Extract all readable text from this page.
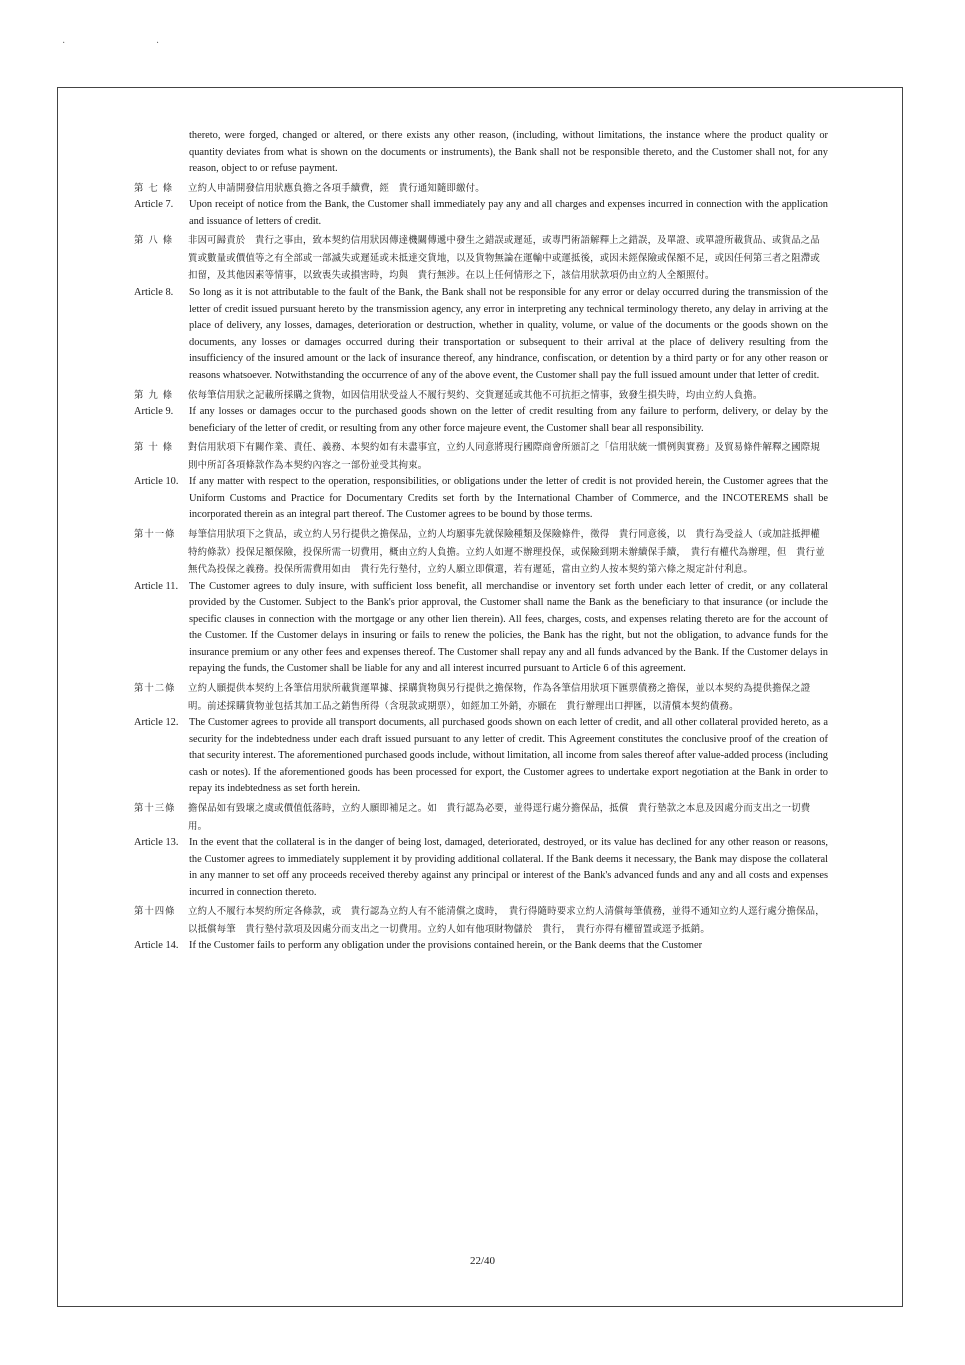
· ·
thereto, were forged, changed or altered, or there exists any other reason, (including, without limitations, the instance where the product quality or quantity deviates from what is shown on the documents or instruments), the Bank shall not be responsible thereto, and the Customer shall not, for any reason, object to or refuse payment.
第 七 條 立約人申請開發信用狀應負擔之各項手續費，經　貴行通知隨即繳付。
Article 7. Upon receipt of notice from the Bank, the Customer shall immediately pay any and all charges and expenses incurred in connection with the application and issuance of letters of credit.
第 八 條 非因可歸責於　貴行之事由，致本契約信用狀因傳達機關傳遞中發生之錯誤或遲延，或專門術語解釋上之錯誤，及單證、或單證所載貨品、或貨品之品質或數量或價值等之有全部或一部滅失或遲延或未抵達交貨地，以及貨物無論在運輸中或運抵後，或因未經保險或保額不足，或因任何第三者之阻滯或扣留，及其他因素等情事，以致喪失或損害時，均與　貴行無涉。在以上任何情形之下，該信用狀款項仍由立約人全額照付。
Article 8. So long as it is not attributable to the fault of the Bank, the Bank shall not be responsible for any error or delay occurred during the transmission of the letter of credit issued pursuant hereto by the transmission agency, any error in interpreting any technical terminology thereto, any delay in arriving at the place of delivery, any losses, damages, deterioration or destruction, whether in quality, volume, or value of the documents or the goods shown on the documents, any losses or damages occurred during their transportation or subsequent to their arrival at the place of delivery resulting from the insufficiency of the insured amount or the lack of insurance thereof, any hindrance, confiscation, or detention by a third party or for any other reason or reasons whatsoever. Notwithstanding the occurrence of any of the above event, the Customer shall pay the full issued amount under that letter of credit.
第 九 條 依每筆信用狀之記載所採購之貨物，如因信用狀受益人不履行契約、交貨遲延或其他不可抗拒之情事，致發生損失時，均由立約人負擔。
Article 9. If any losses or damages occur to the purchased goods shown on the letter of credit resulting from any failure to perform, delivery, or delay by the beneficiary of the letter of credit, or resulting from any other force majeure event, the Customer shall bear all responsibility.
第 十 條 對信用狀項下有關作業、責任、義務、本契約如有未盡事宜，立約人同意將現行國際商會所頒訂之「信用狀統一慣例與實務」及貿易條件解釋之國際規則中所訂各項條款作為本契約內容之一部份並受其拘束。
Article 10. If any matter with respect to the operation, responsibilities, or obligations under the letter of credit is not provided herein, the Customer agrees that the Uniform Customs and Practice for Documentary Credits set forth by the International Chamber of Commerce, and the INCOTEREMS shall be incorporated therein as an integral part thereof. The Customer agrees to be bound by those terms.
第十一條 每筆信用狀項下之貨品，或立約人另行提供之擔保品，立約人均願事先就保險種類及保險條件，徵得　貴行同意後，以　貴行為受益人（或加註抵押權特約條款）投保足額保險，投保所需一切費用，概由立約人負擔。立約人如遲不辦理投保，或保險到期未辦續保手續，　貴行有權代為辦理，但　貴行並無代為投保之義務。投保所需費用如由　貴行先行墊付，立約人願立即償還，若有遲延，當由立約人按本契約第六條之規定計付利息。
Article 11. The Customer agrees to duly insure, with sufficient loss benefit, all merchandise or inventory set forth under each letter of credit, or any collateral provided by the Customer. Subject to the Bank's prior approval, the Customer shall name the Bank as the beneficiary to that insurance (or include the specific clauses in connection with the mortgage or any other lien therein). All fees, charges, costs, and expenses relating thereto are for the account of the Customer. If the Customer delays in insuring or fails to renew the policies, the Bank has the right, but not the obligation, to advance funds for the insurance premium or any other fees and expenses thereof. The Customer shall repay any and all funds advanced by the Bank. If the Customer delays in repaying the funds, the Customer shall be liable for any and all interest incurred pursuant to Article 6 of this agreement.
第十二條 立約人願提供本契約上各筆信用狀所載貨運單據、採購貨物與另行提供之擔保物，作為各筆信用狀項下匯票債務之擔保，並以本契約為提供擔保之證明。前述採購貨物並包括其加工品之銷售所得（含現款或期票），如經加工外銷，亦願在　貴行辦理出口押匯，以清償本契約債務。
Article 12. The Customer agrees to provide all transport documents, all purchased goods shown on each letter of credit, and all other collateral provided hereto, as a security for the indebtedness under each draft issued pursuant to any letter of credit. This Agreement constitutes the conclusive proof of the creation of that security interest. The aforementioned purchased goods include, without limitation, all income from sales thereof after value-added process (including cash or notes). If the aforementioned goods has been processed for export, the Customer agrees to undertake export negotiation at the Bank in order to repay its indebtedness as set forth herein.
第十三條 擔保品如有毀壞之虞或價值低落時，立約人願即補足之。如　貴行認為必要，並得逕行處分擔保品，抵償　貴行墊款之本息及因處分而支出之一切費用。
Article 13. In the event that the collateral is in the danger of being lost, damaged, deteriorated, destroyed, or its value has declined for any other reason or reasons, the Customer agrees to immediately supplement it by providing additional collateral. If the Bank deems it necessary, the Bank may dispose the collateral in any manner to set off any proceeds received thereby against any principal or interest of the Bank's advanced funds and any and all costs and expenses incurred in connection thereto.
第十四條 立約人不履行本契約所定各條款，或　貴行認為立約人有不能清償之虞時，　貴行得隨時要求立約人清償每筆債務，並得不通知立約人逕行處分擔保品，以抵償每筆　貴行墊付款項及因處分而支出之一切費用。立約人如有他項財物儲於　貴行，　貴行亦得有權留置或逕予抵銷。
Article 14. If the Customer fails to perform any obligation under the provisions contained herein, or the Bank deems that the Customer
22/40
